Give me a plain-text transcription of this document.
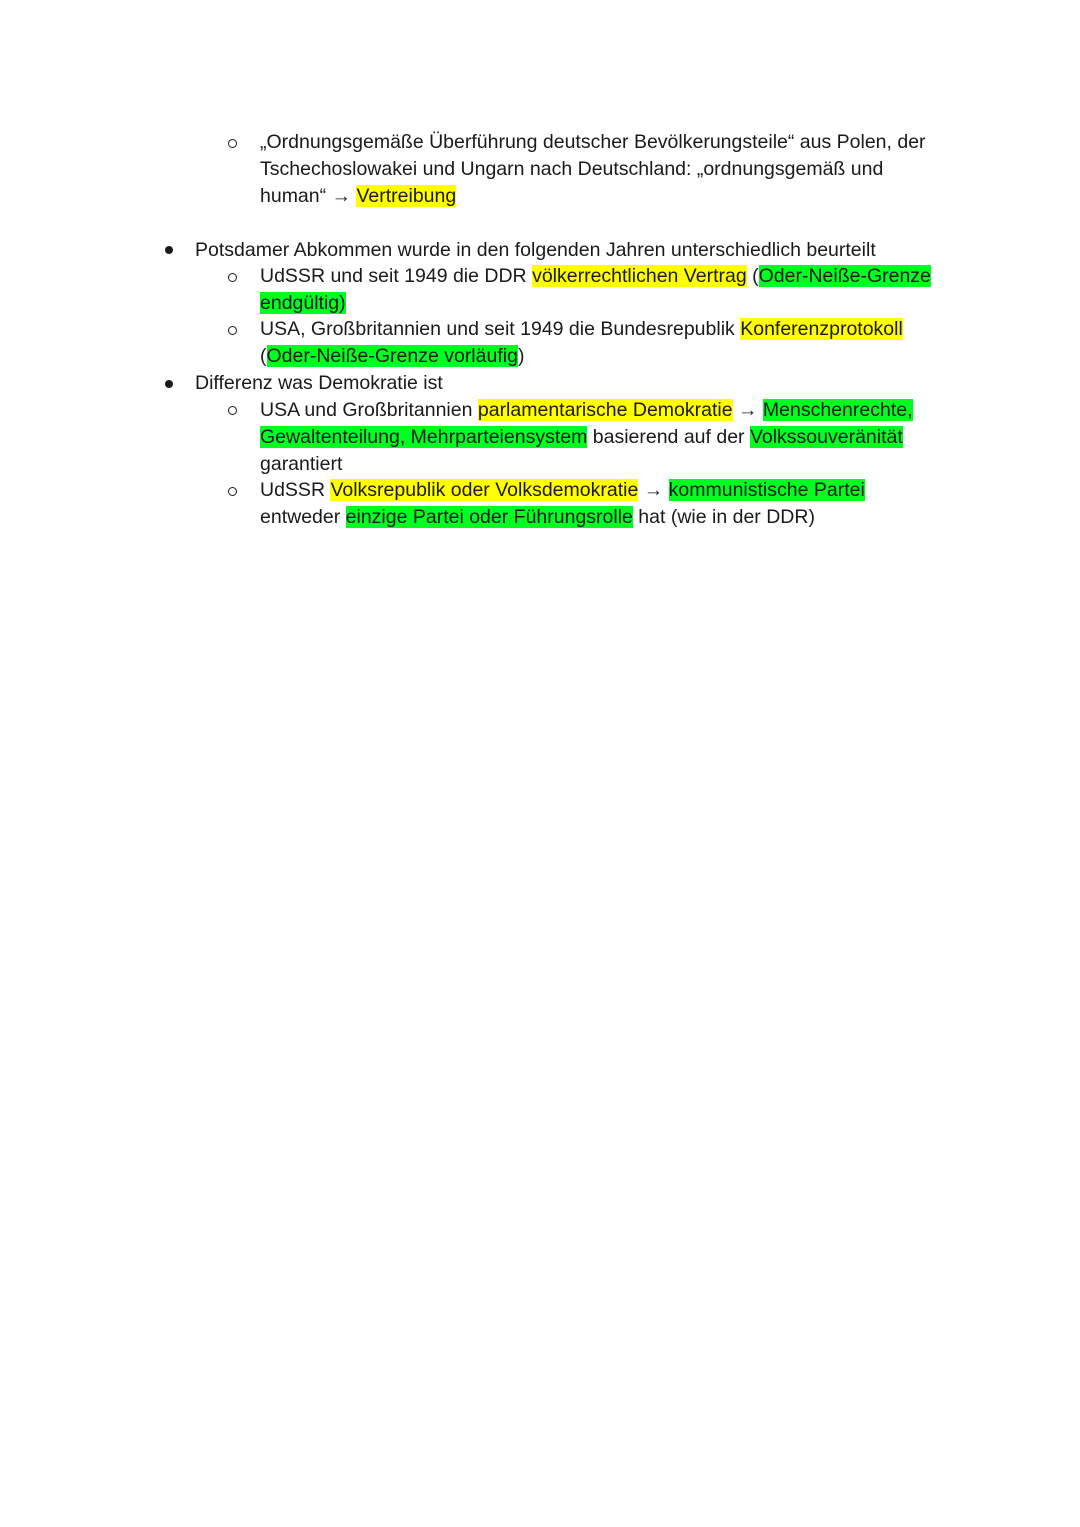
„Ordnungsgemäße Überführung deutscher Bevölkerungsteile“ aus Polen, der
Tschechoslowakei und Ungarn nach Deutschland: „ordnungsgemäß und
human“ → Vertreibung
Potsdamer Abkommen wurde in den folgenden Jahren unterschiedlich beurteilt
UdSSR und seit 1949 die DDR völkerrechtlichen Vertrag (Oder-Neiße-Grenze
endgültig)
USA, Großbritannien und seit 1949 die Bundesrepublik Konferenzprotokoll
(Oder-Neiße-Grenze vorläufig)
Differenz was Demokratie ist
USA und Großbritannien parlamentarische Demokratie → Menschenrechte,
Gewaltenteilung, Mehrparteiensystem basierend auf der Volkssouveränität
garantiert
UdSSR Volksrepublik oder Volksdemokratie → kommunistische Partei
entweder einzige Partei oder Führungsrolle hat (wie in der DDR)
